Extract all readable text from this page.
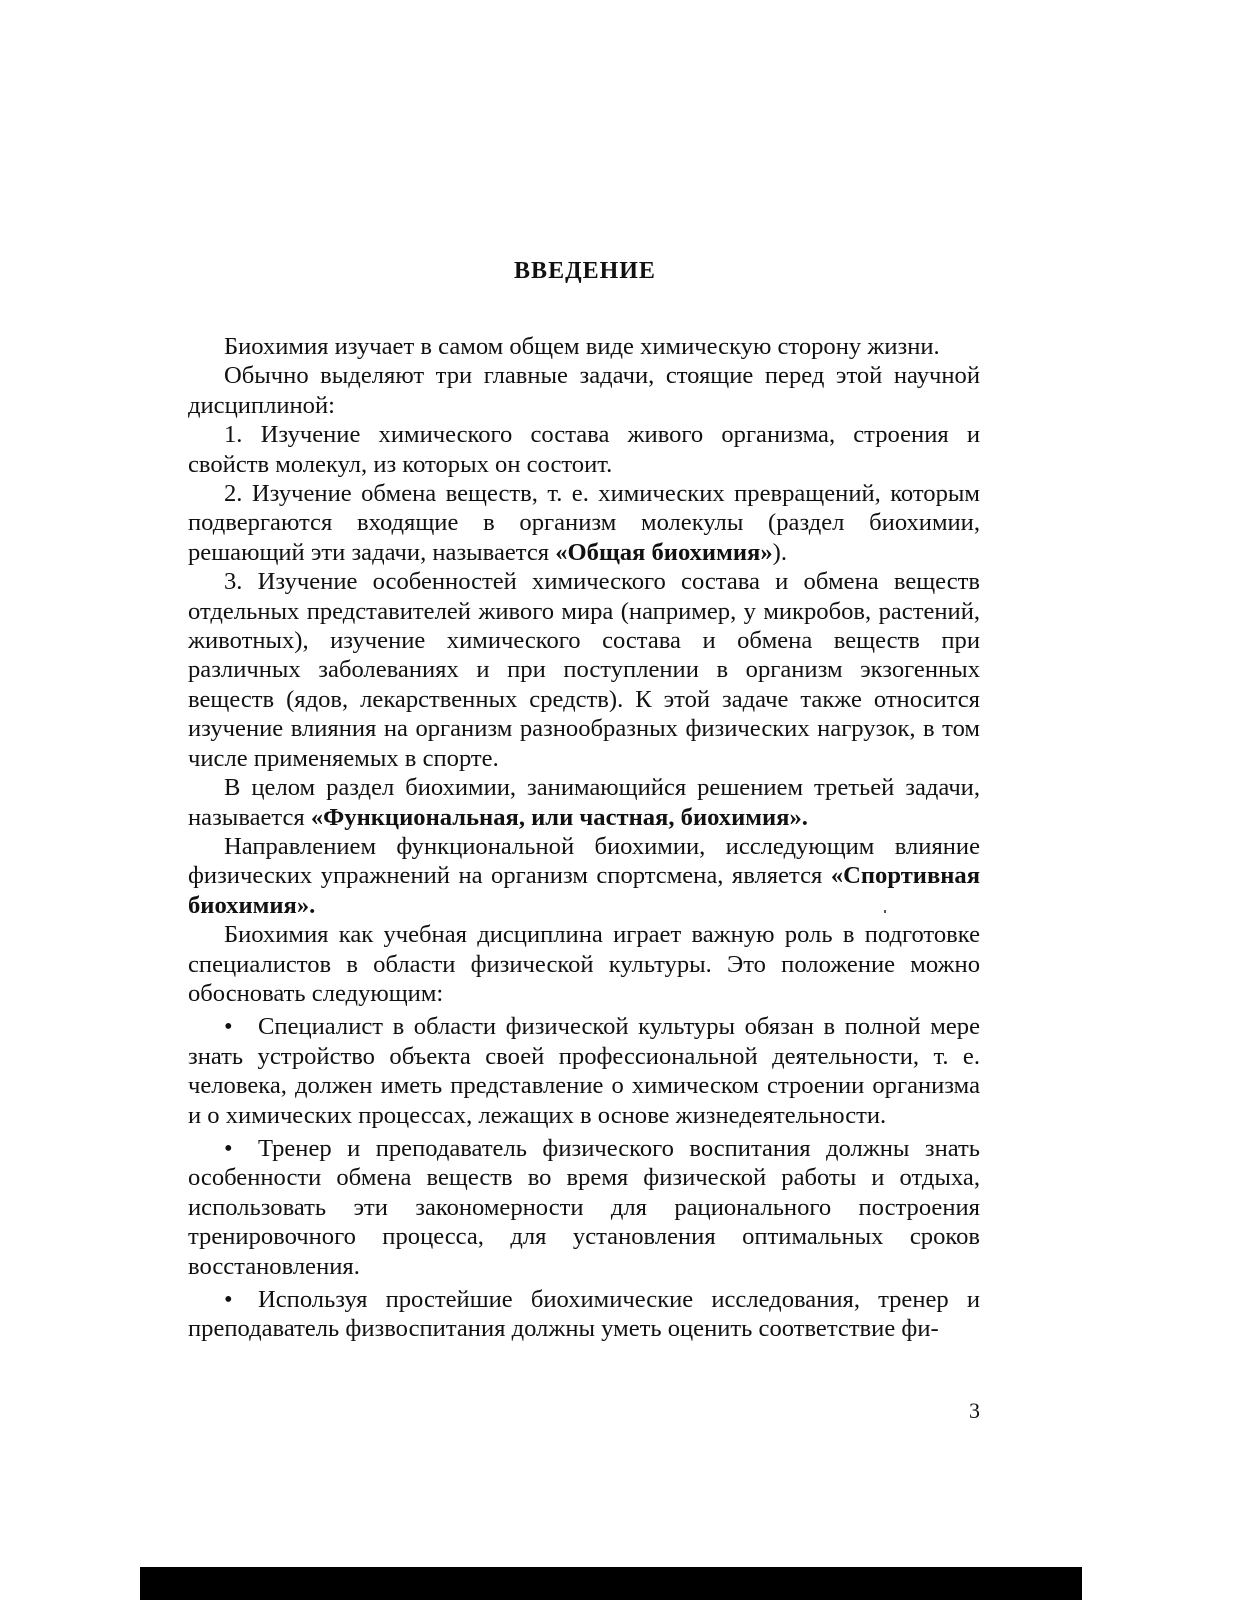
ВВЕДЕНИЕ

Биохимия изучает в самом общем виде химическую сторону жизни.

Обычно выделяют три главные задачи, стоящие перед этой научной дисциплиной:

1. Изучение химического состава живого организма, строения и свойств молекул, из которых он состоит.

2. Изучение обмена веществ, т. е. химических превращений, которым подвергаются входящие в организм молекулы (раздел биохимии, решающий эти задачи, называется «Общая биохимия»).

3. Изучение особенностей химического состава и обмена веществ отдельных представителей живого мира (например, у микробов, растений, животных), изучение химического состава и обмена веществ при различных заболеваниях и при поступлении в организм экзогенных веществ (ядов, лекарственных средств). К этой задаче также относится изучение влияния на организм разнообразных физических нагрузок, в том числе применяемых в спорте.

В целом раздел биохимии, занимающийся решением третьей задачи, называется «Функциональная, или частная, биохимия».

Направлением функциональной биохимии, исследующим влияние физических упражнений на организм спортсмена, является «Спортивная биохимия».

Биохимия как учебная дисциплина играет важную роль в подготовке специалистов в области физической культуры. Это положение можно обосновать следующим:

• Специалист в области физической культуры обязан в полной мере знать устройство объекта своей профессиональной деятельности, т. е. человека, должен иметь представление о химическом строении организма и о химических процессах, лежащих в основе жизнедеятельности.

• Тренер и преподаватель физического воспитания должны знать особенности обмена веществ во время физической работы и отдыха, использовать эти закономерности для рационального построения тренировочного процесса, для установления оптимальных сроков восстановления.

• Используя простейшие биохимические исследования, тренер и преподаватель физвоспитания должны уметь оценить соответствие фи-

3
